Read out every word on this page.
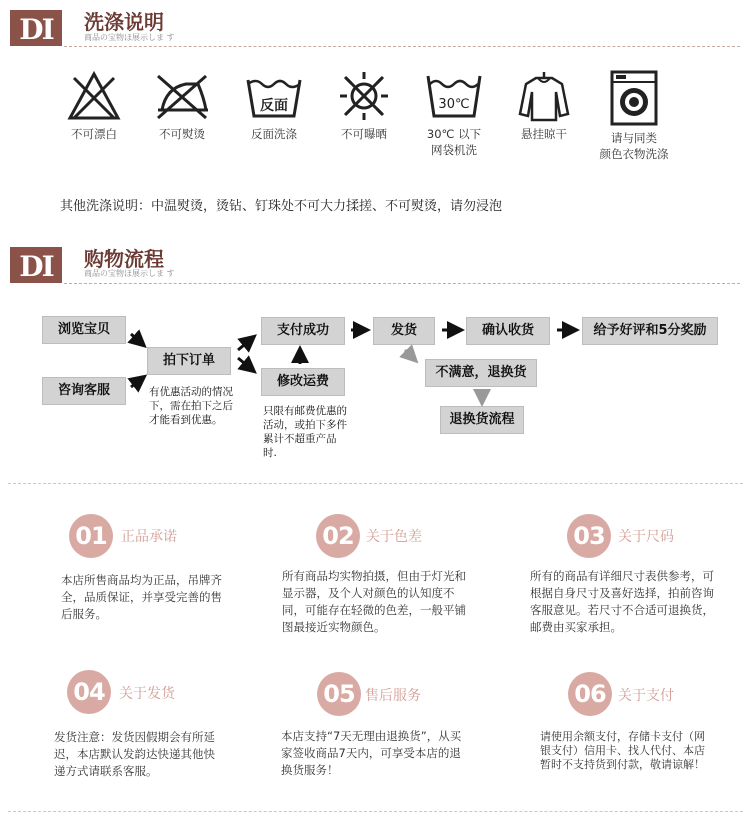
DI	洗涤说明
商品の宝物ほ展示しま す
不可漂白	不可熨烫
反面
反面洗涤	不可曝晒
30℃
30℃ 以下
网袋机洗
悬挂晾干	请与同类
颜色衣物洗涤
其他洗涤说明：中温熨烫，烫钻、钉珠处不可大力揉搓、不可熨烫，请勿浸泡
DI	购物流程
商品の宝物ほ展示しま す
浏览宝贝
咨询客服
拍下订单
有优惠活动的情况下，需在拍下之后才能看到优惠。
支付成功
修改运费
只限有邮费优惠的活动，或拍下多件累计不超重产品时.
发货	确认收货	给予好评和5分奖励
不满意，退换货
退换货流程
01	正品承诺
本店所售商品均为正品，吊牌齐全，品质保证，并享受完善的售后服务。
02 关于色差
所有商品均实物拍摄，但由于灯光和显示器，及个人对颜色的认知度不同，可能存在轻微的色差，一般平铺图最接近实物颜色。
03 关于尺码
所有的商品有详细尺寸表供参考，可根据自身尺寸及喜好选择，拍前咨询客服意见。若尺寸不合适可退换货，邮费由买家承担。
04	关于发货
发货注意：发货因假期会有所延迟，本店默认发韵达快递其他快递方式请联系客服。
05 售后服务
本店支持“7天无理由退换货”，从买家签收商品7天内，可享受本店的退换货服务！
06 关于支付
请使用余额支付，存储卡支付（网银支付）信用卡、找人代付、本店暂时不支持货到付款，敬请谅解！
